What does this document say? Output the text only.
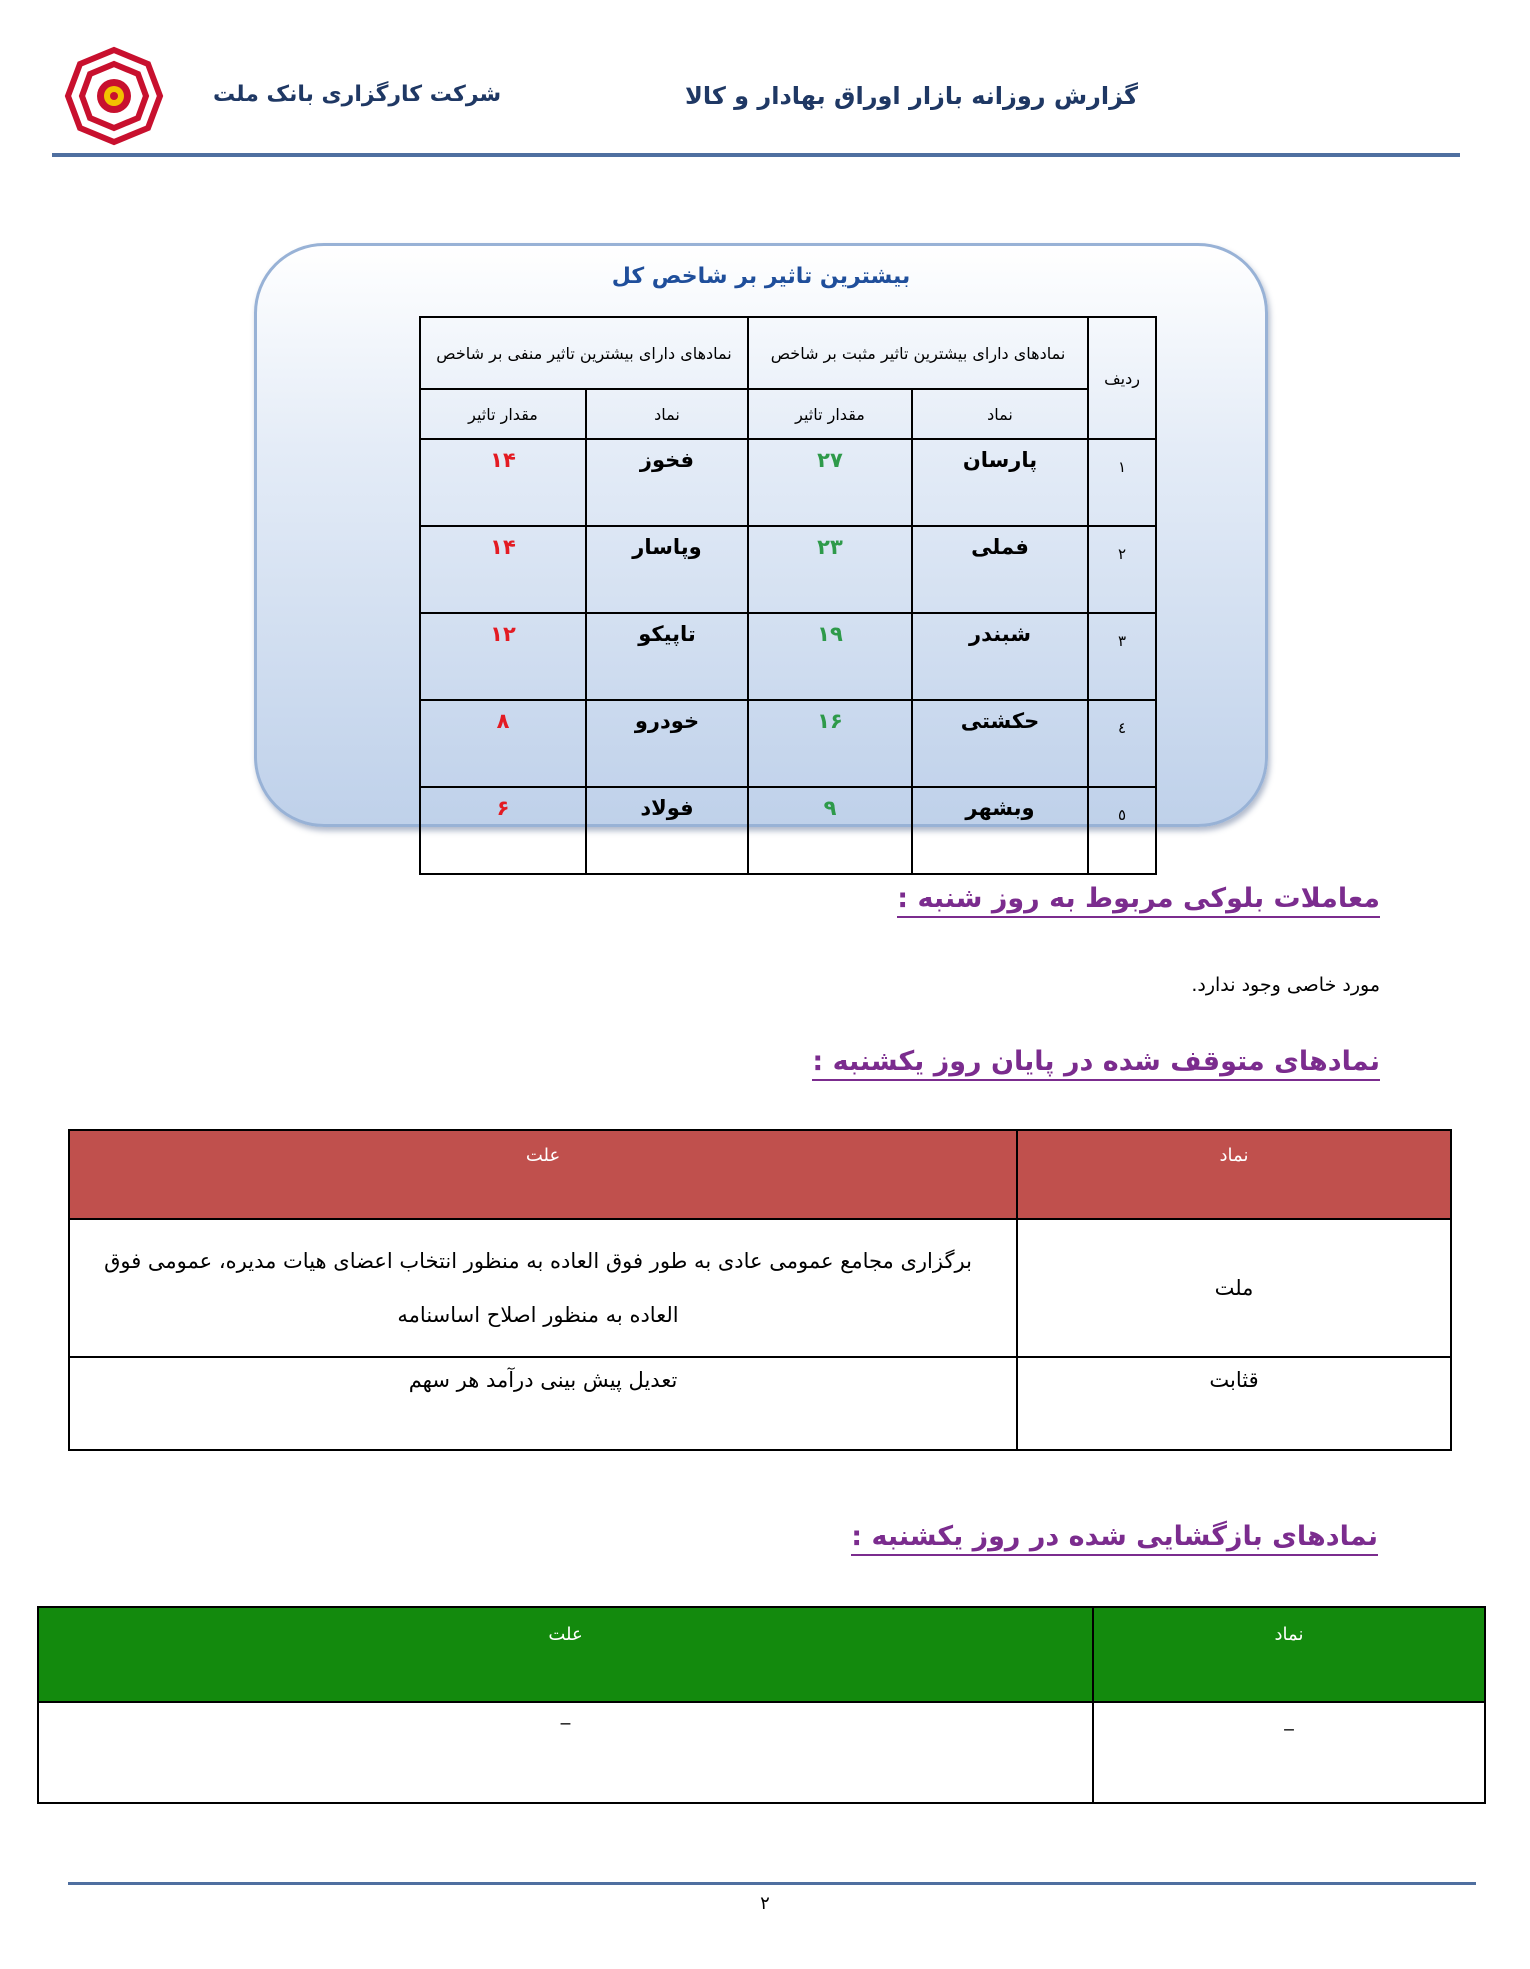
شرکت کارگزاری بانک ملت	گزارش روزانه بازار اوراق بهادار و کالا
بیشترین تاثیر بر شاخص کل
ردیف	نمادهای دارای بیشترین تاثیر مثبت بر شاخص		نمادهای دارای بیشترین تاثیر منفی بر شاخص	
	نماد	مقدار تاثیر	نماد	مقدار تاثیر
۱	پارسان	۲۷	فخوز	۱۴
۲	فملی	۲۳	وپاسار	۱۴
۳	شبندر	۱۹	تاپیکو	۱۲
٤	حکشتی	۱۶	خودرو	۸
٥	وبشهر	۹	فولاد	۶
معاملات بلوکی مربوط به روز شنبه :
مورد خاصی وجود ندارد.
نمادهای متوقف شده در پایان روز یکشنبه :
نماد	علت
ملت	برگزاری مجامع عمومی عادی به طور فوق العاده به منظور انتخاب اعضای هیات مدیره، عمومی فوق العاده به منظور اصلاح اساسنامه
قثابت	تعدیل پیش بینی درآمد هر سهم
نمادهای بازگشایی شده در روز یکشنبه :
نماد	علت
_	_
۲
